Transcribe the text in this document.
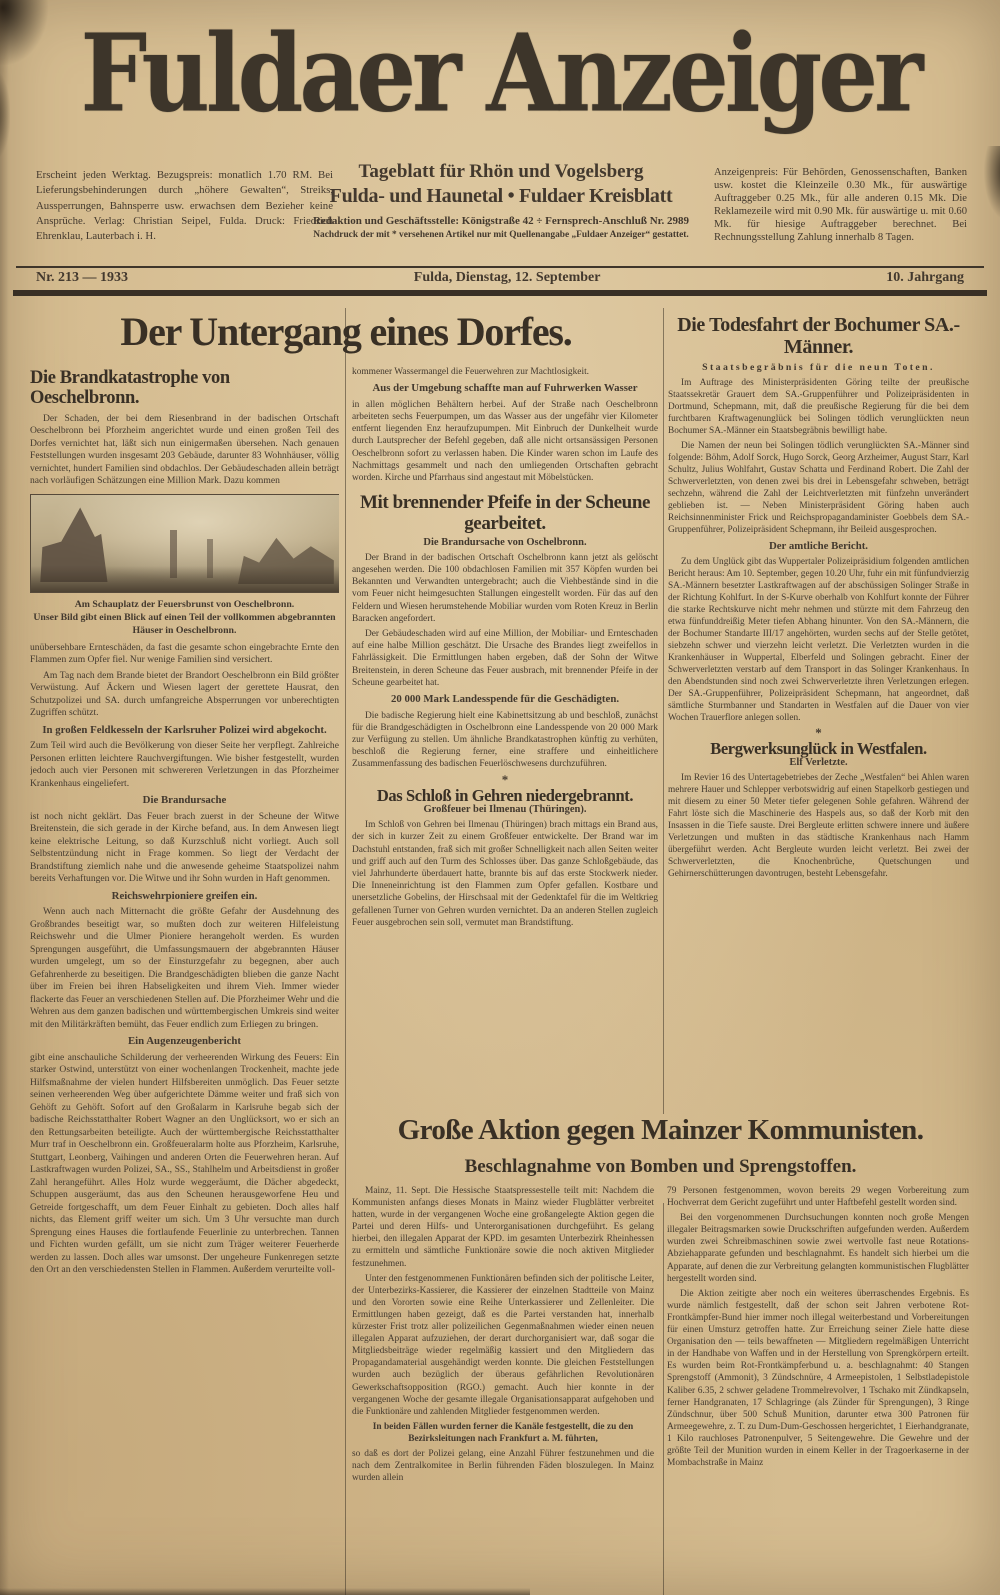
Fuldaer Anzeiger
Erscheint jeden Werktag. Bezugspreis: monatlich 1.70 RM. Bei Lieferungsbehinderungen durch „höhere Gewalten“, Streiks, Aussperrungen, Bahnsperre usw. erwachsen dem Bezieher keine Ansprüche. Verlag: Christian Seipel, Fulda. Druck: Friedrich Ehrenklau, Lauterbach i. H.
Tageblatt für Rhön und Vogelsberg
Fulda- und Haunetal • Fuldaer Kreisblatt
Redaktion und Geschäftsstelle: Königstraße 42 ÷ Fernsprech-Anschluß Nr. 2989
Nachdruck der mit * versehenen Artikel nur mit Quellenangabe „Fuldaer Anzeiger“ gestattet.
Anzeigenpreis: Für Behörden, Genossenschaften, Banken usw. kostet die Kleinzeile 0.30 Mk., für auswärtige Auftraggeber 0.25 Mk., für alle anderen 0.15 Mk. Die Reklamezeile wird mit 0.90 Mk. für auswärtige u. mit 0.60 Mk. für hiesige Auftraggeber berechnet. Bei Rechnungsstellung Zahlung innerhalb 8 Tagen.
Nr. 213 — 1933	Fulda, Dienstag, 12. September	10. Jahrgang
Der Untergang eines Dorfes.
Die Brandkatastrophe von Oeschelbronn.

Der Schaden, der bei dem Riesenbrand in der badischen Ortschaft Oeschelbronn bei Pforzheim angerichtet wurde und einen großen Teil des Dorfes vernichtet hat, läßt sich nun einigermaßen übersehen. Nach genauen Feststellungen wurden insgesamt 203 Gebäude, darunter 83 Wohnhäuser, völlig vernichtet, hundert Familien sind obdachlos. Der Gebäudeschaden allein beträgt nach vorläufigen Schätzungen eine Million Mark. Dazu kommen

Am Schauplatz der Feuersbrunst von Oeschelbronn.
Unser Bild gibt einen Blick auf einen Teil der vollkommen abgebrannten Häuser in Oeschelbronn.

unübersehbare Ernteschäden, da fast die gesamte schon eingebrachte Ernte den Flammen zum Opfer fiel. Nur wenige Familien sind versichert.

Am Tag nach dem Brande bietet der Brandort Oeschelbronn ein Bild größter Verwüstung. Auf Äckern und Wiesen lagert der gerettete Hausrat, den Schutzpolizei und SA. durch umfangreiche Absperrungen vor unberechtigten Zugriffen schützt.

In großen Feldkesseln der Karlsruher Polizei wird abgekocht.

Zum Teil wird auch die Bevölkerung von dieser Seite her verpflegt. Zahlreiche Personen erlitten leichtere Rauchvergiftungen. Wie bisher festgestellt, wurden jedoch auch vier Personen mit schwereren Verletzungen in das Pforzheimer Krankenhaus eingeliefert.

Die Brandursache

ist noch nicht geklärt. Das Feuer brach zuerst in der Scheune der Witwe Breitenstein, die sich gerade in der Kirche befand, aus. In dem Anwesen liegt keine elektrische Leitung, so daß Kurzschluß nicht vorliegt. Auch soll Selbstentzündung nicht in Frage kommen. So liegt der Verdacht der Brandstiftung ziemlich nahe und die anwesende geheime Staatspolizei nahm bereits Verhaftungen vor. Die Witwe und ihr Sohn wurden in Haft genommen.

Reichswehrpioniere greifen ein.

Wenn auch nach Mitternacht die größte Gefahr der Ausdehnung des Großbrandes beseitigt war, so mußten doch zur weiteren Hilfeleistung Reichswehr und die Ulmer Pioniere herangeholt werden. Es wurden Sprengungen ausgeführt, die Umfassungsmauern der abgebrannten Häuser wurden umgelegt, um so der Einsturzgefahr zu begegnen, aber auch Gefahrenherde zu beseitigen. Die Brandgeschädigten blieben die ganze Nacht über im Freien bei ihren Habseligkeiten und ihrem Vieh. Immer wieder flackerte das Feuer an verschiedenen Stellen auf. Die Pforzheimer Wehr und die Wehren aus dem ganzen badischen und württembergischen Umkreis sind weiter mit den Militärkräften bemüht, das Feuer endlich zum Erliegen zu bringen.

Ein Augenzeugenbericht

gibt eine anschauliche Schilderung der verheerenden Wirkung des Feuers: Ein starker Ostwind, unterstützt von einer wochenlangen Trockenheit, machte jede Hilfsmaßnahme der vielen hundert Hilfsbereiten unmöglich. Das Feuer setzte seinen verheerenden Weg über aufgerichtete Dämme weiter und fraß sich von Gehöft zu Gehöft. Sofort auf den Großalarm in Karlsruhe begab sich der badische Reichsstatthalter Robert Wagner an den Unglücksort, wo er sich an den Rettungsarbeiten beteiligte. Auch der württembergische Reichsstatthalter Murr traf in Oeschelbronn ein. Großfeueralarm holte aus Pforzheim, Karlsruhe, Stuttgart, Leonberg, Vaihingen und anderen Orten die Feuerwehren heran. Auf Lastkraftwagen wurden Polizei, SA., SS., Stahlhelm und Arbeitsdienst in großer Zahl herangeführt. Alles Holz wurde weggeräumt, die Dächer abgedeckt, Schuppen ausgeräumt, das aus den Scheunen herausgeworfene Heu und Getreide fortgeschafft, um dem Feuer Einhalt zu gebieten. Doch alles half nichts, das Element griff weiter um sich. Um 3 Uhr versuchte man durch Sprengung eines Hauses die fortlaufende Feuerlinie zu unterbrechen. Tannen und Fichten wurden gefällt, um sie nicht zum Träger weiterer Feuerherde werden zu lassen. Doch alles war umsonst. Der ungeheure Funkenregen setzte den Ort an den verschiedensten Stellen in Flammen. Außerdem verurteilte voll-

kommener Wassermangel die Feuerwehren zur Machtlosigkeit.

Aus der Umgebung schaffte man auf Fuhrwerken Wasser

in allen möglichen Behältern herbei. Auf der Straße nach Oeschelbronn arbeiteten sechs Feuerpumpen, um das Wasser aus der ungefähr vier Kilometer entfernt liegenden Enz heraufzupumpen. Mit Einbruch der Dunkelheit wurde durch Lautsprecher der Befehl gegeben, daß alle nicht ortsansässigen Personen Oeschelbronn sofort zu verlassen haben. Die Kinder waren schon im Laufe des Nachmittags gesammelt und nach den umliegenden Ortschaften gebracht worden. Kirche und Pfarrhaus sind angestaut mit Möbelstücken.

Mit brennender Pfeife in der Scheune gearbeitet.
Die Brandursache von Oschelbronn.

Der Brand in der badischen Ortschaft Oschelbronn kann jetzt als gelöscht angesehen werden. Die 100 obdachlosen Familien mit 357 Köpfen wurden bei Bekannten und Verwandten untergebracht; auch die Viehbestände sind in die vom Feuer nicht heimgesuchten Stallungen eingestellt worden. Für das auf den Feldern und Wiesen herumstehende Mobiliar wurden vom Roten Kreuz in Berlin Baracken angefordert.

Der Gebäudeschaden wird auf eine Million, der Mobiliar- und Ernteschaden auf eine halbe Million geschätzt. Die Ursache des Brandes liegt zweifellos in Fahrlässigkeit. Die Ermittlungen haben ergeben, daß der Sohn der Witwe Breitenstein, in deren Scheune das Feuer ausbrach, mit brennender Pfeife in der Scheune gearbeitet hat.

20 000 Mark Landesspende für die Geschädigten.

Die badische Regierung hielt eine Kabinettsitzung ab und beschloß, zunächst für die Brandgeschädigten in Oschelbronn eine Landesspende von 20 000 Mark zur Verfügung zu stellen. Um ähnliche Brandkatastrophen künftig zu verhüten, beschloß die Regierung ferner, eine straffere und einheitlichere Zusammenfassung des badischen Feuerlöschwesens durchzuführen.

*
Das Schloß in Gehren niedergebrannt.
Großfeuer bei Ilmenau (Thüringen).

Im Schloß von Gehren bei Ilmenau (Thüringen) brach mittags ein Brand aus, der sich in kurzer Zeit zu einem Großfeuer entwickelte. Der Brand war im Dachstuhl entstanden, fraß sich mit großer Schnelligkeit nach allen Seiten weiter und griff auch auf den Turm des Schlosses über. Das ganze Schloßgebäude, das viel Jahrhunderte überdauert hatte, brannte bis auf das erste Stockwerk nieder. Die Inneneinrichtung ist den Flammen zum Opfer gefallen. Kostbare und unersetzliche Gobelins, der Hirschsaal mit der Gedenktafel für die im Weltkrieg gefallenen Turner von Gehren wurden vernichtet. Da an anderen Stellen zugleich Feuer ausgebrochen sein soll, vermutet man Brandstiftung.

Die Todesfahrt der Bochumer SA.-Männer.
Staatsbegräbnis für die neun Toten.

Im Auftrage des Ministerpräsidenten Göring teilte der preußische Staatssekretär Grauert dem SA.-Gruppenführer und Polizeipräsidenten in Dortmund, Schepmann, mit, daß die preußische Regierung für die bei dem furchtbaren Kraftwagenunglück bei Solingen tödlich verunglückten neun Bochumer SA.-Männer ein Staatsbegräbnis bewilligt habe.

Die Namen der neun bei Solingen tödlich verunglückten SA.-Männer sind folgende: Böhm, Adolf Sorck, Hugo Sorck, Georg Arzheimer, August Starr, Karl Schultz, Julius Wohlfahrt, Gustav Schatta und Ferdinand Robert. Die Zahl der Schwerverletzten, von denen zwei bis drei in Lebensgefahr schweben, beträgt sechzehn, während die Zahl der Leichtverletzten mit fünfzehn unverändert geblieben ist. — Neben Ministerpräsident Göring haben auch Reichsinnenminister Frick und Reichspropagandaminister Goebbels dem SA.-Gruppenführer, Polizeipräsident Schepmann, ihr Beileid ausgesprochen.

Der amtliche Bericht.

Zu dem Unglück gibt das Wuppertaler Polizeipräsidium folgenden amtlichen Bericht heraus: Am 10. September, gegen 10.20 Uhr, fuhr ein mit fünfundvierzig SA.-Männern besetzter Lastkraftwagen auf der abschüssigen Solinger Straße in der Richtung Kohlfurt. In der S-Kurve oberhalb von Kohlfurt konnte der Führer die starke Rechtskurve nicht mehr nehmen und stürzte mit dem Fahrzeug den etwa fünfunddreißig Meter tiefen Abhang hinunter. Von den SA.-Männern, die der Bochumer Standarte III/17 angehörten, wurden sechs auf der Stelle getötet, siebzehn schwer und vierzehn leicht verletzt. Die Verletzten wurden in die Krankenhäuser in Wuppertal, Elberfeld und Solingen gebracht. Einer der Schwerverletzten verstarb auf dem Transport in das Solinger Krankenhaus. In den Abendstunden sind noch zwei Schwerverletzte ihren Verletzungen erlegen. Der SA.-Gruppenführer, Polizeipräsident Schepmann, hat angeordnet, daß sämtliche Sturmbanner und Standarten in Westfalen auf die Dauer von vier Wochen Trauerflore anlegen sollen.

*
Bergwerksunglück in Westfalen.
Elf Verletzte.

Im Revier 16 des Untertagebetriebes der Zeche „Westfalen“ bei Ahlen waren mehrere Hauer und Schlepper verbotswidrig auf einen Stapelkorb gestiegen und mit diesem zu einer 50 Meter tiefer gelegenen Sohle gefahren. Während der Fahrt löste sich die Maschinerie des Haspels aus, so daß der Korb mit den Insassen in die Tiefe sauste. Drei Bergleute erlitten schwere innere und äußere Verletzungen und mußten in das städtische Krankenhaus nach Hamm übergeführt werden. Acht Bergleute wurden leicht verletzt. Bei zwei der Schwerverletzten, die Knochenbrüche, Quetschungen und Gehirnerschütterungen davontrugen, besteht Lebensgefahr.

Große Aktion gegen Mainzer Kommunisten.
Beschlagnahme von Bomben und Sprengstoffen.

Mainz, 11. Sept. Die Hessische Staatspressestelle teilt mit: Nachdem die Kommunisten anfangs dieses Monats in Mainz wieder Flugblätter verbreitet hatten, wurde in der vergangenen Woche eine großangelegte Aktion gegen die Partei und deren Hilfs- und Unterorganisationen durchgeführt. Es gelang hierbei, den illegalen Apparat der KPD. im gesamten Unterbezirk Rheinhessen zu ermitteln und sämtliche Funktionäre sowie die noch aktiven Mitglieder festzunehmen.

Unter den festgenommenen Funktionären befinden sich der politische Leiter, der Unterbezirks-Kassierer, die Kassierer der einzelnen Stadtteile von Mainz und den Vororten sowie eine Reihe Unterkassierer und Zellenleiter. Die Ermittlungen haben gezeigt, daß es die Partei verstanden hat, innerhalb kürzester Frist trotz aller polizeilichen Gegenmaßnahmen wieder einen neuen illegalen Apparat aufzuziehen, der derart durchorganisiert war, daß sogar die Mitgliedsbeiträge wieder regelmäßig kassiert und den Mitgliedern das Propagandamaterial ausgehändigt werden konnte. Die gleichen Feststellungen wurden auch bezüglich der überaus gefährlichen Revolutionären Gewerkschaftsopposition (RGO.) gemacht. Auch hier konnte in der vergangenen Woche der gesamte illegale Organisationsapparat aufgehoben und die Funktionäre und zahlenden Mitglieder festgenommen werden.

In beiden Fällen wurden ferner die Kanäle festgestellt, die zu den Bezirksleitungen nach Frankfurt a. M. führten,

so daß es dort der Polizei gelang, eine Anzahl Führer festzunehmen und die nach dem Zentralkomitee in Berlin führenden Fäden bloszulegen. In Mainz wurden allein

79 Personen festgenommen, wovon bereits 29 wegen Vorbereitung zum Hochverrat dem Gericht zugeführt und unter Haftbefehl gestellt worden sind.

Bei den vorgenommenen Durchsuchungen konnten noch große Mengen illegaler Beitragsmarken sowie Druckschriften aufgefunden werden. Außerdem wurden zwei Schreibmaschinen sowie zwei wertvolle fast neue Rotations-Abziehapparate gefunden und beschlagnahmt. Es handelt sich hierbei um die Apparate, auf denen die zur Verbreitung gelangten kommunistischen Flugblätter hergestellt worden sind.

Die Aktion zeitigte aber noch ein weiteres überraschendes Ergebnis. Es wurde nämlich festgestellt, daß der schon seit Jahren verbotene Rot-Frontkämpfer-Bund hier immer noch illegal weiterbestand und Vorbereitungen für einen Umsturz getroffen hatte. Zur Erreichung seiner Ziele hatte diese Organisation den — teils bewaffneten — Mitgliedern regelmäßigen Unterricht in der Handhabe von Waffen und in der Herstellung von Sprengkörpern erteilt. Es wurden beim Rot-Frontkämpferbund u. a. beschlagnahmt: 40 Stangen Sprengstoff (Ammonit), 3 Zündschnüre, 4 Armeepistolen, 1 Selbstladepistole Kaliber 6.35, 2 schwer geladene Trommelrevolver, 1 Tschako mit Zündkapseln, ferner Handgranaten, 17 Schlagringe (als Zünder für Sprengungen), 3 Ringe Zündschnur, über 500 Schuß Munition, darunter etwa 300 Patronen für Armeegewehre, z. T. zu Dum-Dum-Geschossen hergerichtet, 1 Eierhandgranate, 1 Kilo rauchloses Patronenpulver, 5 Seitengewehre. Die Gewehre und der größte Teil der Munition wurden in einem Keller in der Tragoerkaserne in der Mombachstraße in Mainz
